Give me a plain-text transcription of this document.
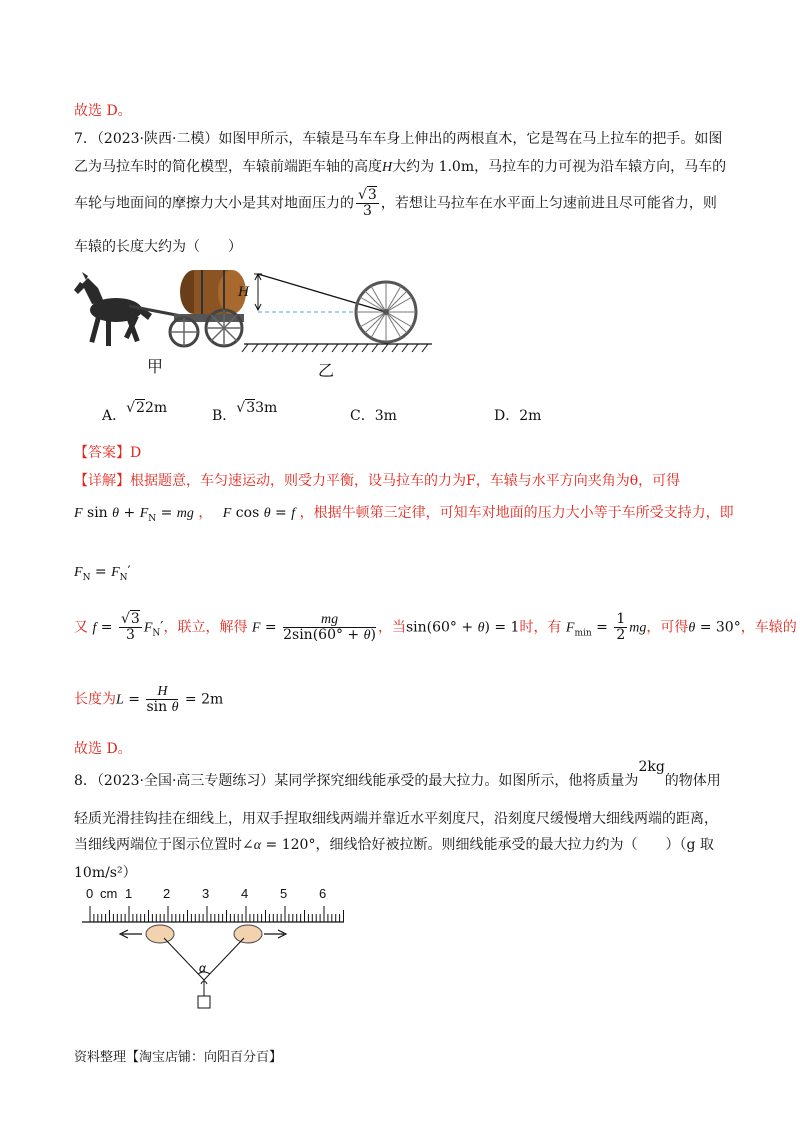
故选 D。
7．（2023·陕西·二模）如图甲所示，车辕是马车车身上伸出的两根直木，它是驾在马上拉车的把手。如图
乙为马拉车时的简化模型，车辕前端距车轴的高度H大约为 1.0m，马拉车的力可视为沿车辕方向，马车的
车轮与地面间的摩擦力大小是其对地面压力的 $\frac{√3}{3}$ ，若想让马拉车在水平面上匀速前进且尽可能省力，则
车辕的长度大约为（　　）
甲
H
乙
A．√22m	B．√33m	C．3m	D．2m
【答案】D
【详解】根据题意，车匀速运动，则受力平衡，设马拉车的力为F，车辕与水平方向夹角为θ，可得
F $\sin \theta + F_N$ = mg ， F cos θ = f ，根据牛顿第三定律，可知车对地面的压力大小等于车所受支持力，即
$F_N = F_N'$
又 $f = \frac{√3}{3} F_N'$，联立，解得 $F = \frac{mg}{2\sin(60^\circ + \theta)}$ ，当sin(60° + θ) = 1时，有 $F_{min} = \frac{1}{2}$ mg，可得θ = 30°，车辕的
长度为$L = \frac{H}{\text{sin θ}} = 2m$
故选 D。
8．（2023·全国·高三专题练习）某同学探究细线能承受的最大拉力。如图所示，他将质量为2kg的物体用
轻质光滑挂钩挂在细线上，用双手捏取细线两端并靠近水平刻度尺，沿刻度尺缓慢增大细线两端的距离，
当细线两端位于图示位置时∠α = 120°，细线恰好被拉断。则细线能承受的最大拉力约为（　　）（g 取
10m/s²）
0 cm 1 2 3 4 5 6
α
资料整理【淘宝店铺：向阳百分百】
